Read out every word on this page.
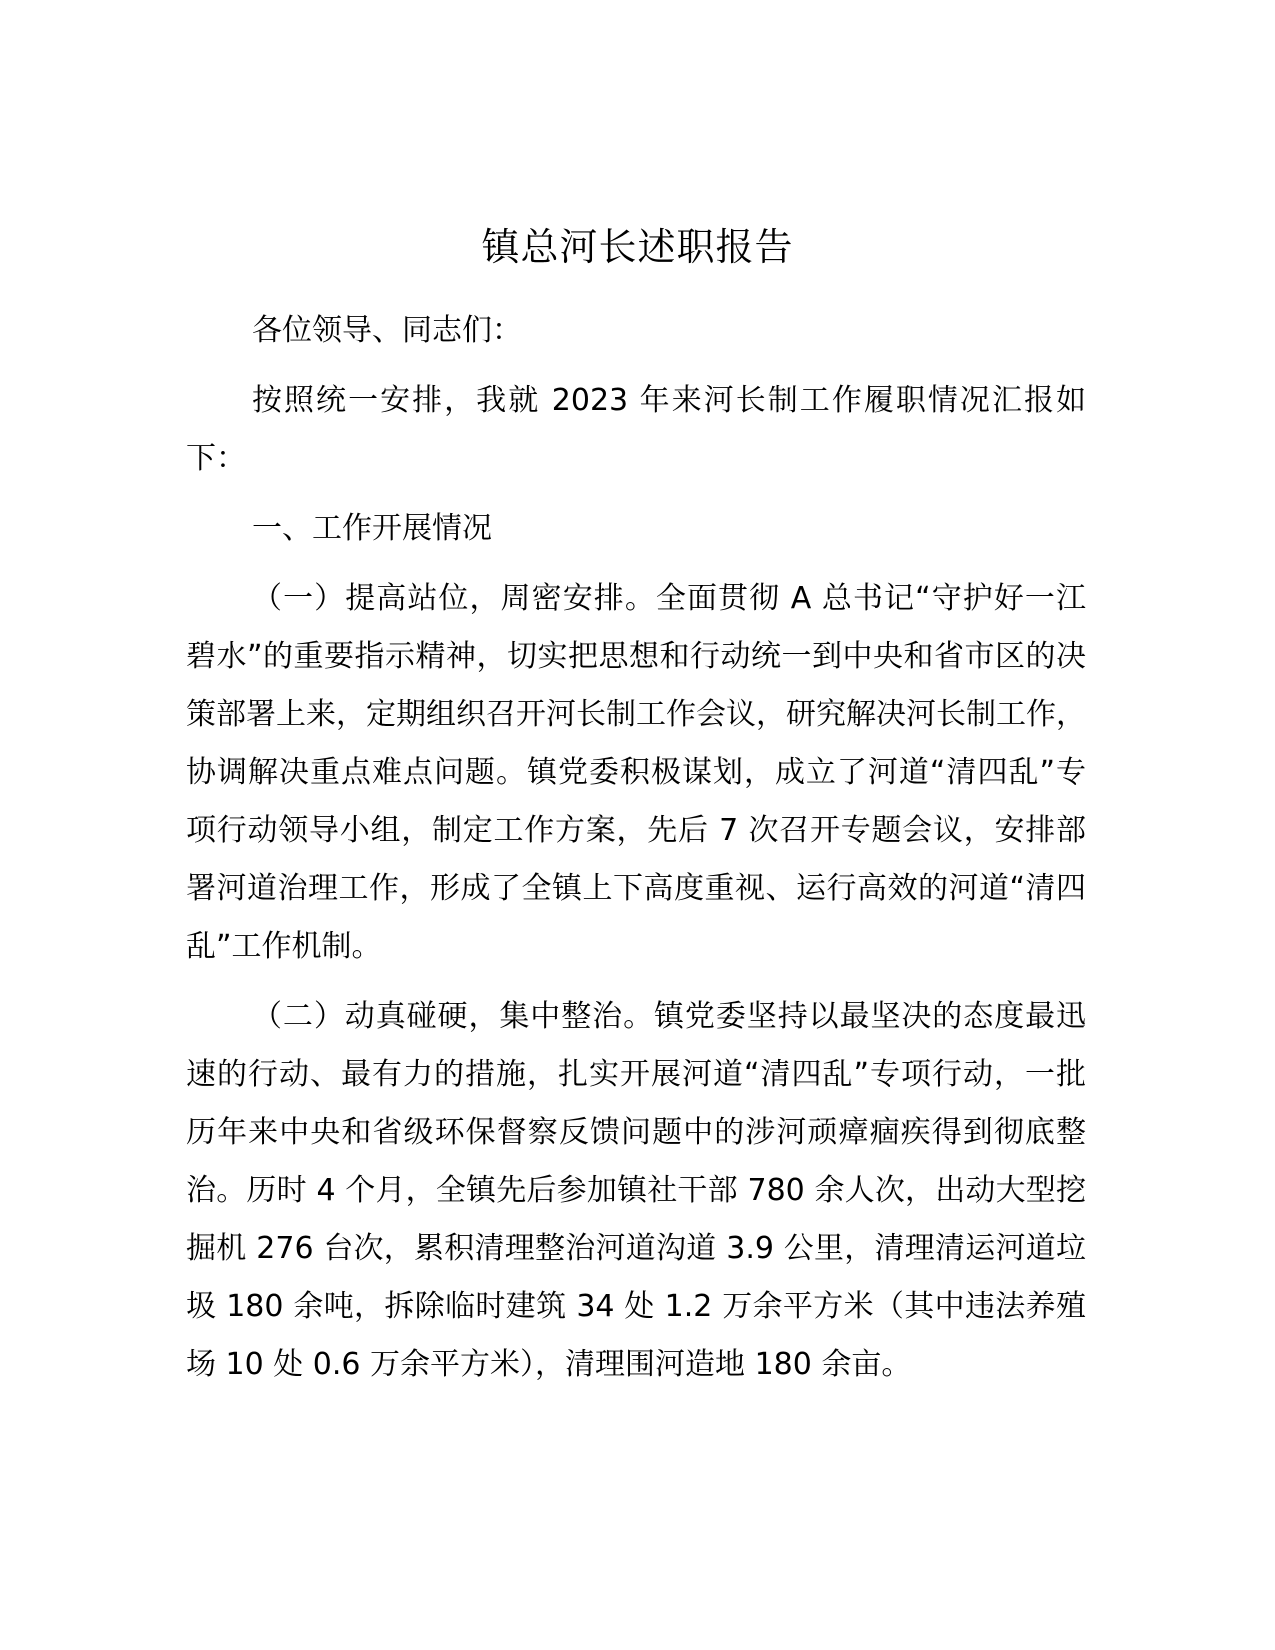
镇总河长述职报告

各位领导、同志们：

按照统一安排，我就 2023 年来河长制工作履职情况汇报如下：

一、工作开展情况

（一）提高站位，周密安排。全面贯彻 A 总书记“守护好一江碧水”的重要指示精神，切实把思想和行动统一到中央和省市区的决策部署上来，定期组织召开河长制工作会议，研究解决河长制工作，协调解决重点难点问题。镇党委积极谋划，成立了河道“清四乱”专项行动领导小组，制定工作方案，先后 7 次召开专题会议，安排部署河道治理工作，形成了全镇上下高度重视、运行高效的河道“清四乱”工作机制。

（二）动真碰硬，集中整治。镇党委坚持以最坚决的态度最迅速的行动、最有力的措施，扎实开展河道“清四乱”专项行动，一批历年来中央和省级环保督察反馈问题中的涉河顽瘴痼疾得到彻底整治。历时 4 个月，全镇先后参加镇社干部 780 余人次，出动大型挖掘机 276 台次，累积清理整治河道沟道 3.9 公里，清理清运河道垃圾 180 余吨，拆除临时建筑 34 处 1.2 万余平方米（其中违法养殖场 10 处 0.6 万余平方米），清理围河造地 180 余亩。
